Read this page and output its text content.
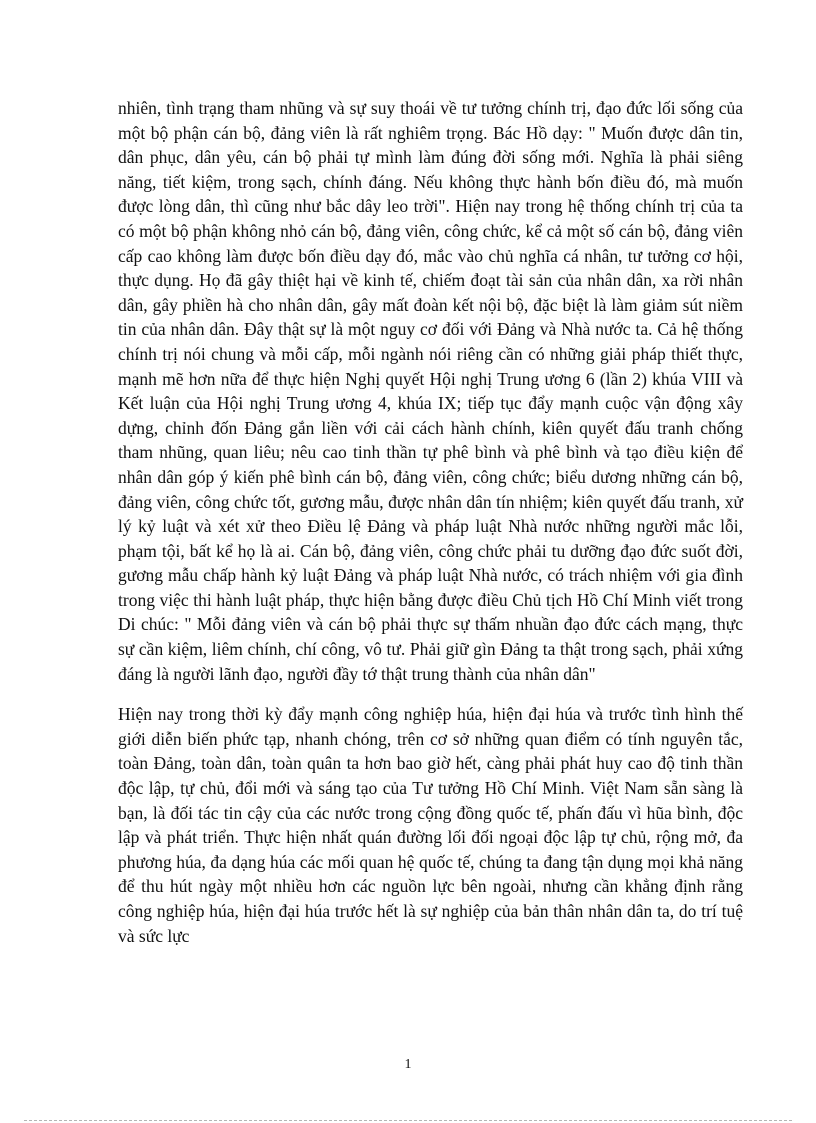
nhiên, tình trạng tham nhũng và sự suy thoái về tư tưởng chính trị, đạo đức lối sống của một bộ phận cán bộ, đảng viên là rất nghiêm trọng. Bác Hồ dạy: " Muốn được dân tin, dân phục, dân yêu, cán bộ phải tự mình làm đúng đời sống mới. Nghĩa là phải siêng năng, tiết kiệm, trong sạch, chính đáng. Nếu không thực hành bốn điều đó, mà muốn được lòng dân, thì cũng như bắc dây leo trời". Hiện nay trong hệ thống chính trị của ta có một bộ phận không nhỏ cán bộ, đảng viên, công chức, kể cả một số cán bộ, đảng viên cấp cao không làm được bốn điều dạy đó, mắc vào chủ nghĩa cá nhân, tư tưởng cơ hội, thực dụng. Họ đã gây thiệt hại về kinh tế, chiếm đoạt tài sản của nhân dân, xa rời nhân dân, gây phiền hà cho nhân dân, gây mất đoàn kết nội bộ, đặc biệt là làm giảm sút niềm tin của nhân dân. Đây thật sự là một nguy cơ đối với Đảng và Nhà nước ta. Cả hệ thống chính trị nói chung và mỗi cấp, mỗi ngành nói riêng cần có những giải pháp thiết thực, mạnh mẽ hơn nữa để thực hiện Nghị quyết Hội nghị Trung ương 6 (lần 2) khúa VIII và Kết luận của Hội nghị Trung ương 4, khúa IX; tiếp tục đẩy mạnh cuộc vận động xây dựng, chỉnh đốn Đảng gắn liền với cải cách hành chính, kiên quyết đấu tranh chống tham nhũng, quan liêu; nêu cao tinh thần tự phê bình và phê bình và tạo điều kiện để nhân dân góp ý kiến phê bình cán bộ, đảng viên, công chức; biểu dương những cán bộ, đảng viên, công chức tốt, gương mẫu, được nhân dân tín nhiệm; kiên quyết đấu tranh, xử lý kỷ luật và xét xử theo Điều lệ Đảng và pháp luật Nhà nước những người mắc lỗi, phạm tội, bất kể họ là ai. Cán bộ, đảng viên, công chức phải tu dưỡng đạo đức suốt đời, gương mẫu chấp hành kỷ luật Đảng và pháp luật Nhà nước, có trách nhiệm với gia đình trong việc thi hành luật pháp, thực hiện bằng được điều Chủ tịch Hồ Chí Minh viết trong Di chúc: " Mỗi đảng viên và cán bộ phải thực sự thấm nhuần đạo đức cách mạng, thực sự cần kiệm, liêm chính, chí công, vô tư. Phải giữ gìn Đảng ta thật trong sạch, phải xứng đáng là người lãnh đạo, người đầy tớ thật trung thành của nhân dân"

Hiện nay trong thời kỳ đẩy mạnh công nghiệp húa, hiện đại húa và trước tình hình thế giới diễn biến phức tạp, nhanh chóng, trên cơ sở những quan điểm có tính nguyên tắc, toàn Đảng, toàn dân, toàn quân ta hơn bao giờ hết, càng phải phát huy cao độ tinh thần độc lập, tự chủ, đổi mới và sáng tạo của Tư tưởng Hồ Chí Minh. Việt Nam sẵn sàng là bạn, là đối tác tin cậy của các nước trong cộng đồng quốc tế, phấn đấu vì hũa bình, độc lập và phát triển. Thực hiện nhất quán đường lối đối ngoại độc lập tự chủ, rộng mở, đa phương húa, đa dạng húa các mối quan hệ quốc tế, chúng ta đang tận dụng mọi khả năng để thu hút ngày một nhiều hơn các nguồn lực bên ngoài, nhưng cần khẳng định rằng công nghiệp húa, hiện đại húa trước hết là sự nghiệp của bản thân nhân dân ta, do trí tuệ và sức lực

1
